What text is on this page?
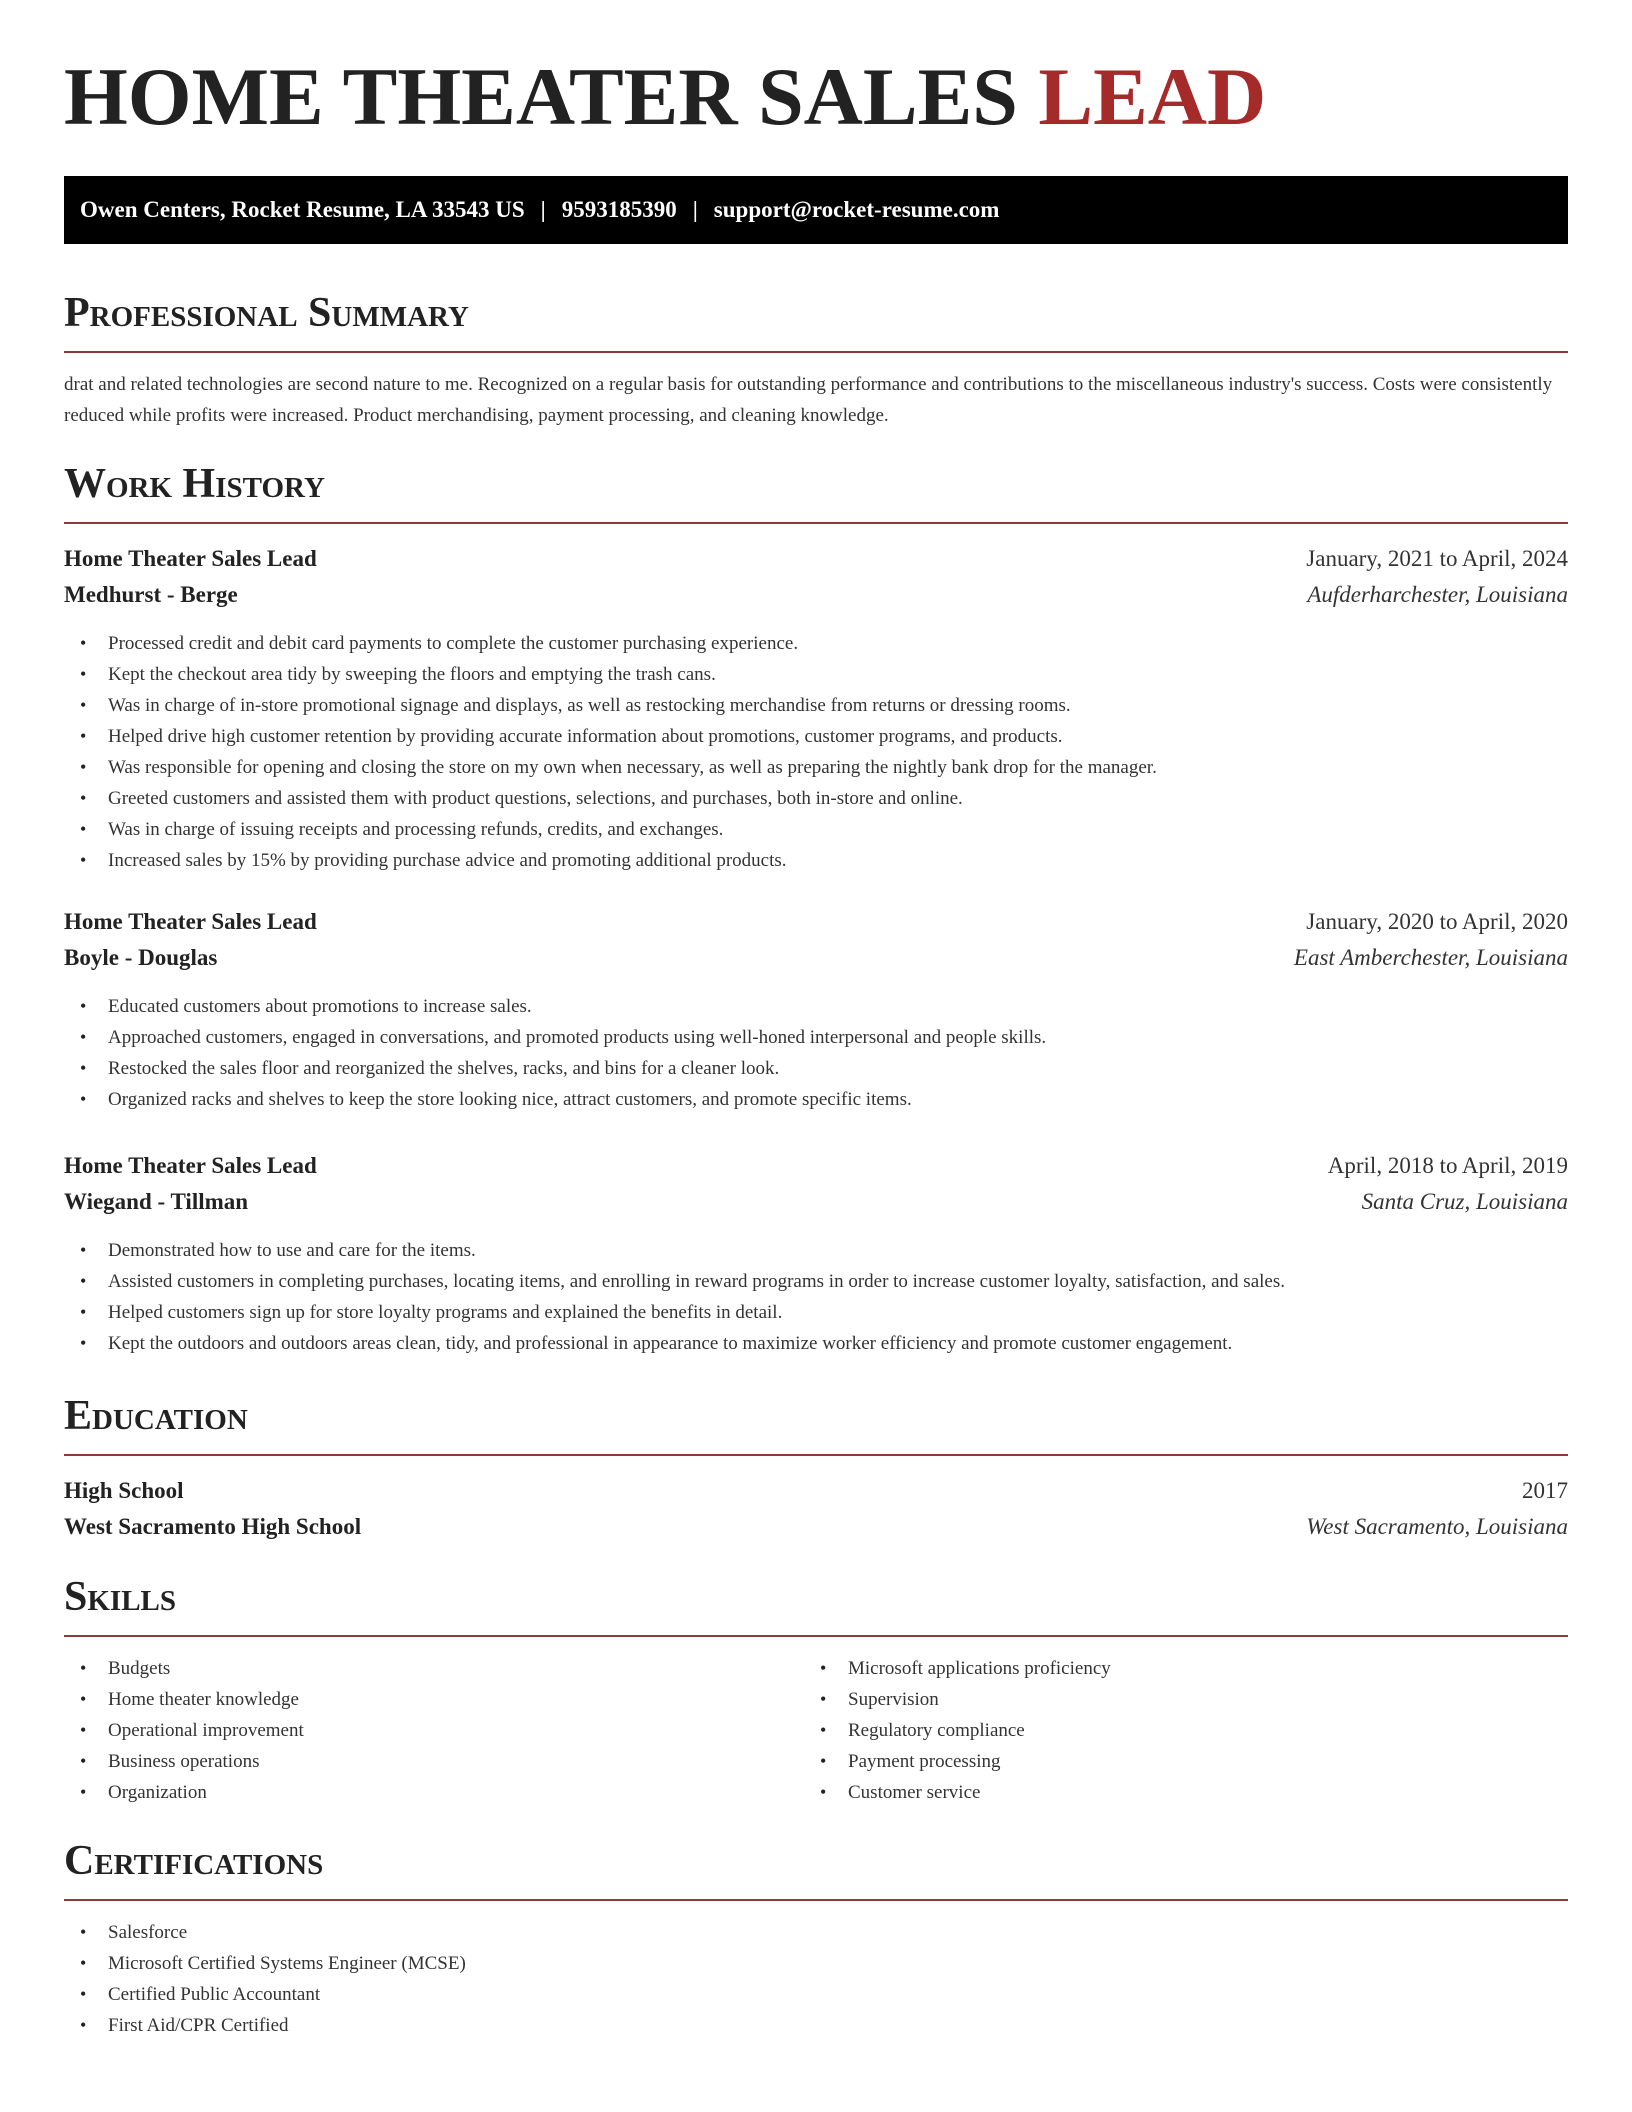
HOME THEATER SALES LEAD
Owen Centers, Rocket Resume, LA 33543 US | 9593185390 | support@rocket-resume.com
Professional Summary
drat and related technologies are second nature to me. Recognized on a regular basis for outstanding performance and contributions to the miscellaneous industry's success. Costs were consistently reduced while profits were increased. Product merchandising, payment processing, and cleaning knowledge.
Work History
Home Theater Sales Lead	January, 2021 to April, 2024
Medhurst - Berge	Aufderharchester, Louisiana
• Processed credit and debit card payments to complete the customer purchasing experience.
• Kept the checkout area tidy by sweeping the floors and emptying the trash cans.
• Was in charge of in-store promotional signage and displays, as well as restocking merchandise from returns or dressing rooms.
• Helped drive high customer retention by providing accurate information about promotions, customer programs, and products.
• Was responsible for opening and closing the store on my own when necessary, as well as preparing the nightly bank drop for the manager.
• Greeted customers and assisted them with product questions, selections, and purchases, both in-store and online.
• Was in charge of issuing receipts and processing refunds, credits, and exchanges.
• Increased sales by 15% by providing purchase advice and promoting additional products.
Home Theater Sales Lead	January, 2020 to April, 2020
Boyle - Douglas	East Amberchester, Louisiana
• Educated customers about promotions to increase sales.
• Approached customers, engaged in conversations, and promoted products using well-honed interpersonal and people skills.
• Restocked the sales floor and reorganized the shelves, racks, and bins for a cleaner look.
• Organized racks and shelves to keep the store looking nice, attract customers, and promote specific items.
Home Theater Sales Lead	April, 2018 to April, 2019
Wiegand - Tillman	Santa Cruz, Louisiana
• Demonstrated how to use and care for the items.
• Assisted customers in completing purchases, locating items, and enrolling in reward programs in order to increase customer loyalty, satisfaction, and sales.
• Helped customers sign up for store loyalty programs and explained the benefits in detail.
• Kept the outdoors and outdoors areas clean, tidy, and professional in appearance to maximize worker efficiency and promote customer engagement.
Education
High School	2017
West Sacramento High School	West Sacramento, Louisiana
Skills
• Budgets
• Home theater knowledge
• Operational improvement
• Business operations
• Organization
• Microsoft applications proficiency
• Supervision
• Regulatory compliance
• Payment processing
• Customer service
Certifications
• Salesforce
• Microsoft Certified Systems Engineer (MCSE)
• Certified Public Accountant
• First Aid/CPR Certified
